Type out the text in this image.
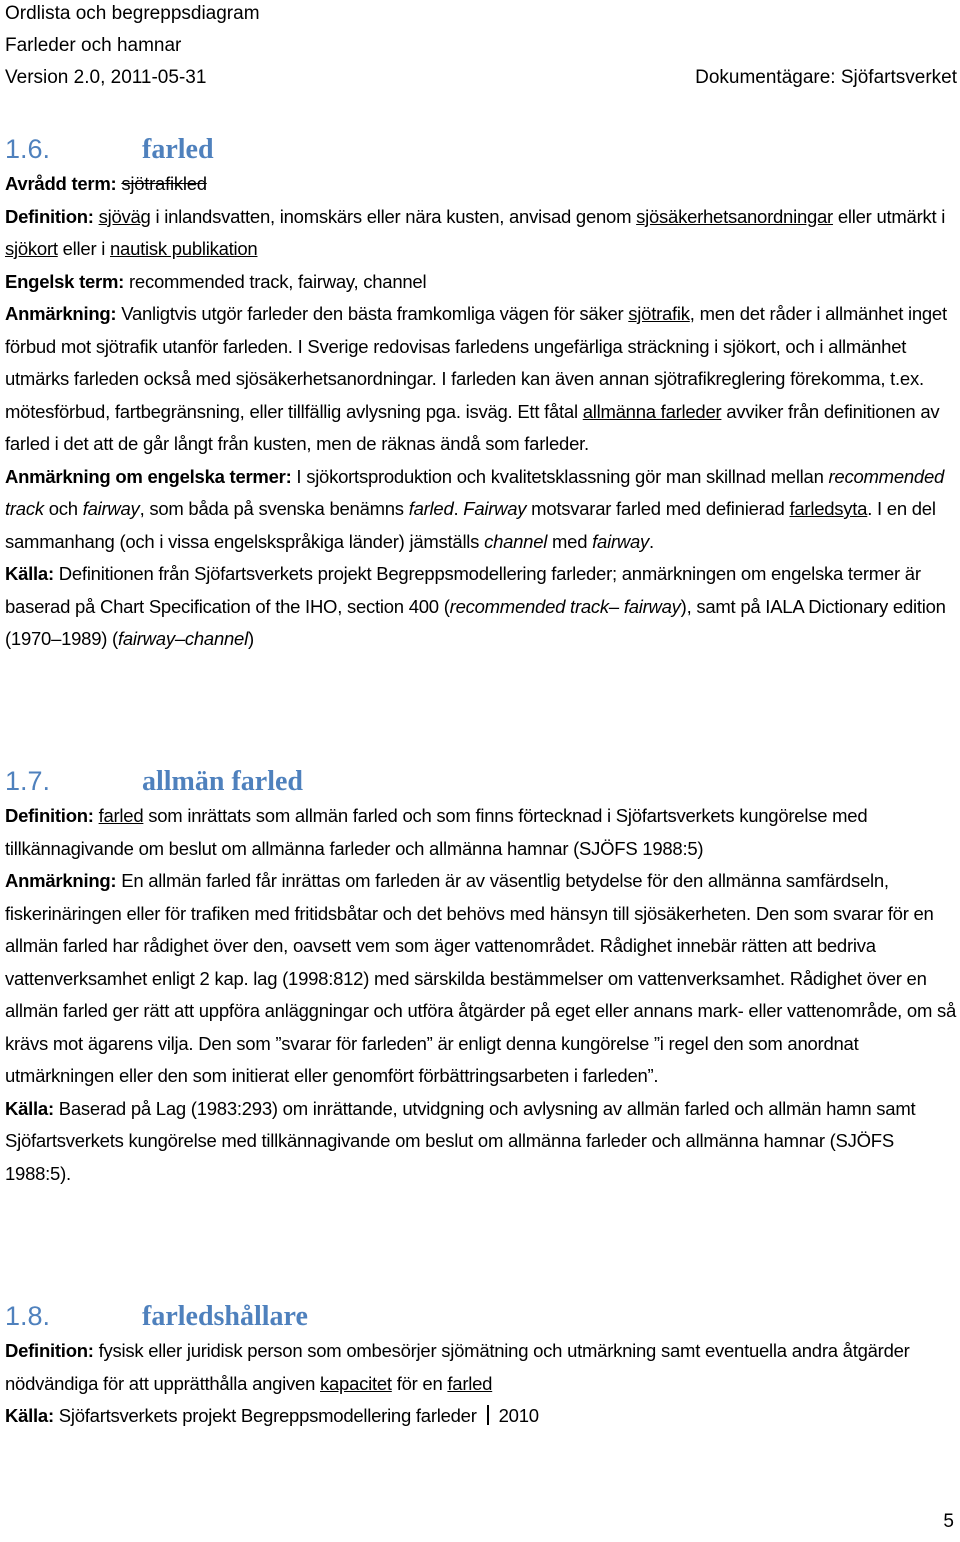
Ordlista och begreppsdiagram
Farleder och hamnar
Version 2.0, 2011-05-31	Dokumentägare: Sjöfartsverket
1.6.	farled

Avrådd term: sjötrafikled

Definition: sjöväg i inlandsvatten, inomskärs eller nära kusten, anvisad genom sjösäkerhetsanordningar eller utmärkt i sjökort eller i nautisk publikation

Engelsk term: recommended track, fairway, channel

Anmärkning: Vanligtvis utgör farleder den bästa framkomliga vägen för säker sjötrafik, men det råder i allmänhet inget förbud mot sjötrafik utanför farleden. I Sverige redovisas farledens ungefärliga sträckning i sjökort, och i allmänhet utmärks farleden också med sjösäkerhetsanordningar. I farleden kan även annan sjötrafikreglering förekomma, t.ex. mötesförbud, fartbegränsning, eller tillfällig avlysning pga. isväg. Ett fåtal allmänna farleder avviker från definitionen av farled i det att de går långt från kusten, men de räknas ändå som farleder.

Anmärkning om engelska termer: I sjökortsproduktion och kvalitetsklassning gör man skillnad mellan recommended track och fairway, som båda på svenska benämns farled. Fairway motsvarar farled med definierad farledsyta. I en del sammanhang (och i vissa engelskspråkiga länder) jämställs channel med fairway.

Källa: Definitionen från Sjöfartsverkets projekt Begreppsmodellering farleder; anmärkningen om engelska termer är baserad på Chart Specification of the IHO, section 400 (recommended track– fairway), samt på IALA Dictionary edition (1970–1989) (fairway–channel)

1.7.	allmän farled

Definition: farled som inrättats som allmän farled och som finns förtecknad i Sjöfartsverkets kungörelse med tillkännagivande om beslut om allmänna farleder och allmänna hamnar (SJÖFS 1988:5)

Anmärkning: En allmän farled får inrättas om farleden är av väsentlig betydelse för den allmänna samfärdseln, fiskerinäringen eller för trafiken med fritidsbåtar och det behövs med hänsyn till sjösäkerheten. Den som svarar för en allmän farled har rådighet över den, oavsett vem som äger vattenområdet. Rådighet innebär rätten att bedriva vattenverksamhet enligt 2 kap. lag (1998:812) med särskilda bestämmelser om vattenverksamhet. Rådighet över en allmän farled ger rätt att uppföra anläggningar och utföra åtgärder på eget eller annans mark- eller vattenområde, om så krävs mot ägarens vilja. Den som ”svarar för farleden” är enligt denna kungörelse ”i regel den som anordnat utmärkningen eller den som initierat eller genomfört förbättringsarbeten i farleden”.

Källa: Baserad på Lag (1983:293) om inrättande, utvidgning och avlysning av allmän farled och allmän hamn samt Sjöfartsverkets kungörelse med tillkännagivande om beslut om allmänna farleder och allmänna hamnar (SJÖFS 1988:5).

1.8.	farledshållare

Definition: fysisk eller juridisk person som ombesörjer sjömätning och utmärkning samt eventuella andra åtgärder nödvändiga för att upprätthålla angiven kapacitet för en farled

Källa: Sjöfartsverkets projekt Begreppsmodellering farleder 2010

5
